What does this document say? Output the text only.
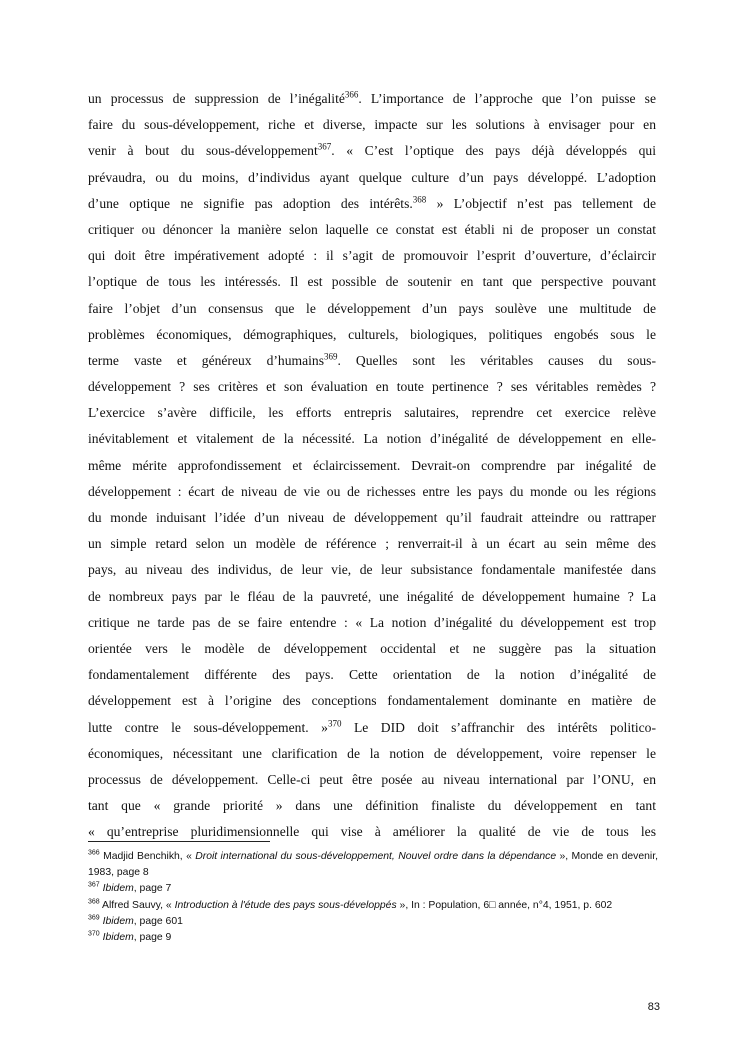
un processus de suppression de l’inégalité$^{366}$. L’importance de l’approche que l’on puisse se
faire du sous-développement, riche et diverse, impacte sur les solutions à envisager pour en
venir à bout du sous-développement$^{367}$. « C’est l’optique des pays déjà développés qui
prévaudra, ou du moins, d’individus ayant quelque culture d’un pays développé. L’adoption
d’une optique ne signifie pas adoption des intérêts.$^{368}$ » L’objectif n’est pas tellement de
critiquer ou dénoncer la manière selon laquelle ce constat est établi ni de proposer un constat
qui doit être impérativement adopté : il s’agit de promouvoir l’esprit d’ouverture, d’éclaircir
l’optique de tous les intéressés. Il est possible de soutenir en tant que perspective pouvant
faire l’objet d’un consensus que le développement d’un pays soulève une multitude de
problèmes économiques, démographiques, culturels, biologiques, politiques engobés sous le
terme vaste et généreux d’humains$^{369}$. Quelles sont les véritables causes du sous-
développement ? ses critères et son évaluation en toute pertinence ? ses véritables remèdes ?
L’exercice s’avère difficile, les efforts entrepris salutaires, reprendre cet exercice relève
inévitablement et vitalement de la nécessité. La notion d’inégalité de développement en elle-
même mérite approfondissement et éclaircissement. Devrait-on comprendre par inégalité de
développement : écart de niveau de vie ou de richesses entre les pays du monde ou les régions
du monde induisant l’idée d’un niveau de développement qu’il faudrait atteindre ou rattraper
un simple retard selon un modèle de référence ; renverrait-il à un écart au sein même des
pays, au niveau des individus, de leur vie, de leur subsistance fondamentale manifestée dans
de nombreux pays par le fléau de la pauvreté, une inégalité de développement humaine ? La
critique ne tarde pas de se faire entendre : « La notion d’inégalité du développement est trop
orientée vers le modèle de développement occidental et ne suggère pas la situation
fondamentalement différente des pays. Cette orientation de la notion d’inégalité de
développement est à l’origine des conceptions fondamentalement dominante en matière de
lutte contre le sous-développement. »$^{370}$ Le DID doit s’affranchir des intérêts politico-
économiques, nécessitant une clarification de la notion de développement, voire repenser le
processus de développement. Celle-ci peut être posée au niveau international par l’ONU, en
tant que « grande priorité » dans une définition finaliste du développement en tant
« qu’entreprise pluridimensionnelle qui vise à améliorer la qualité de vie de tous les
$^{366}$ Madjid Benchikh, « Droit international du sous-développement, Nouvel ordre dans la dépendance », Monde en devenir, 1983, page 8
$^{367}$ Ibidem, page 7
$^{368}$ Alfred Sauvy, « Introduction à l'étude des pays sous-développés », In : Population, 6□ année, n°4, 1951, p. 602
$^{369}$ Ibidem, page 601
$^{370}$ Ibidem, page 9
83
